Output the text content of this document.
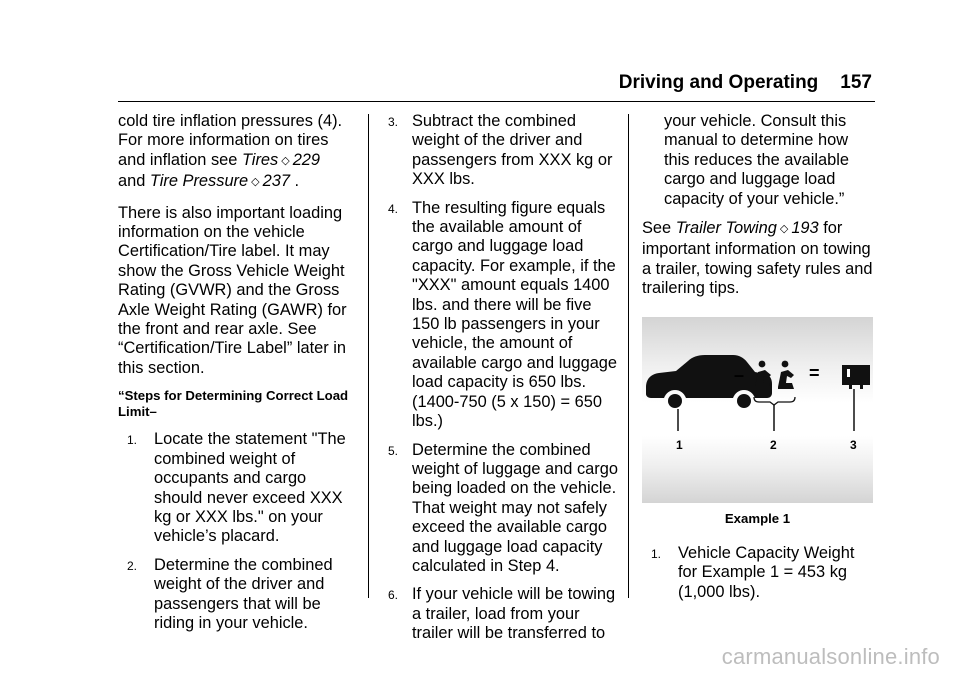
Driving and Operating 157

cold tire inflation pressures (4).
For more information on tires
and inflation see Tires ◇ 229
and Tire Pressure ◇ 237 .

There is also important loading information on the vehicle Certification/Tire label. It may show the Gross Vehicle Weight Rating (GVWR) and the Gross Axle Weight Rating (GAWR) for the front and rear axle. See “Certification/Tire Label” later in this section.

“Steps for Determining Correct Load Limit–
1. Locate the statement "The combined weight of occupants and cargo should never exceed XXX kg or XXX lbs." on your vehicle’s placard.
2. Determine the combined weight of the driver and passengers that will be riding in your vehicle.
3. Subtract the combined weight of the driver and passengers from XXX kg or XXX lbs.
4. The resulting figure equals the available amount of cargo and luggage load capacity. For example, if the "XXX" amount equals 1400 lbs. and there will be five 150 lb passengers in your vehicle, the amount of available cargo and luggage load capacity is 650 lbs. (1400-750 (5 x 150) = 650 lbs.)
5. Determine the combined weight of luggage and cargo being loaded on the vehicle. That weight may not safely exceed the available cargo and luggage load capacity calculated in Step 4.
6. If your vehicle will be towing a trailer, load from your trailer will be transferred to

your vehicle. Consult this manual to determine how this reduces the available cargo and luggage load capacity of your vehicle.”

See Trailer Towing ◇ 193 for important information on towing a trailer, towing safety rules and trailering tips.

–	=
1	2	3
Example 1
1. Vehicle Capacity Weight for Example 1 = 453 kg (1,000 lbs).
carmanualsonline.info
